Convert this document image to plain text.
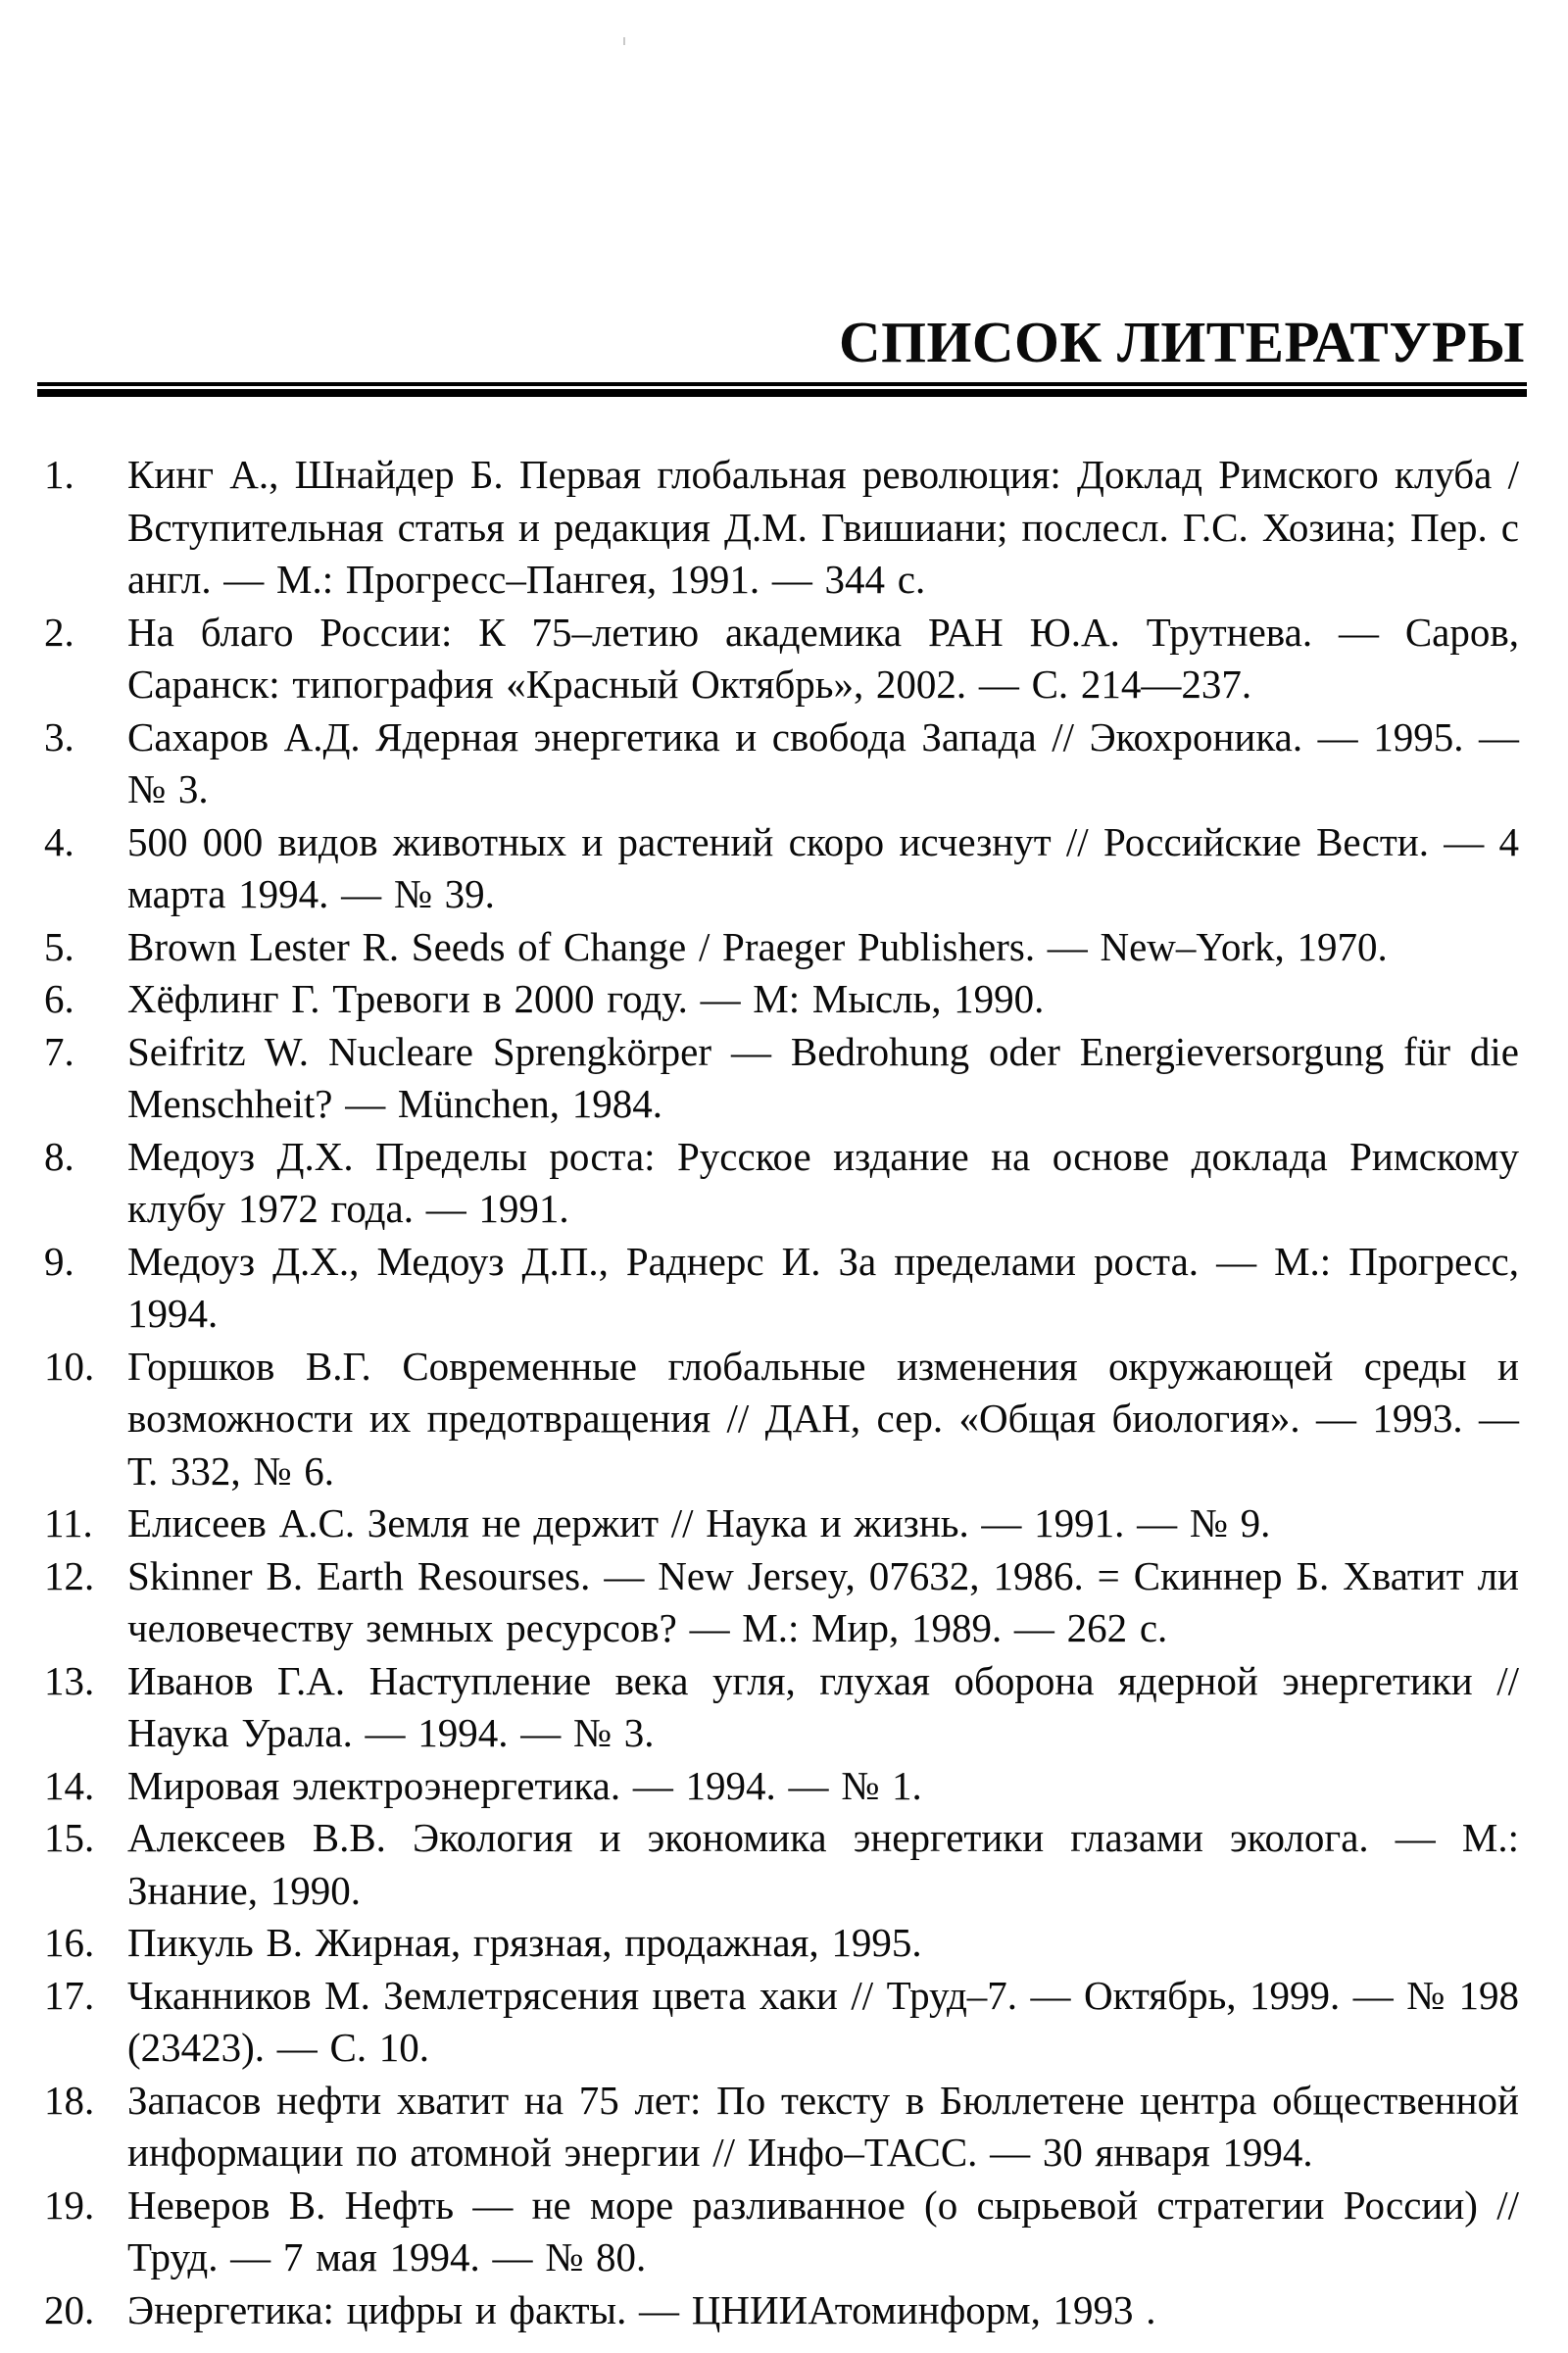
СПИСОК ЛИТЕРАТУРЫ
1.	Кинг А., Шнайдер Б. Первая глобальная революция: Доклад Римского клуба / Вступительная статья и редакция Д.М. Гвишиани; послесл. Г.С. Хозина; Пер. с англ. — М.: Прогресс–Пангея, 1991. — 344 с.
2.	На благо России: К 75–летию академика РАН Ю.А. Трутнева. — Саров, Саранск: типография «Красный Октябрь», 2002. — С. 214—237.
3.	Сахаров А.Д. Ядерная энергетика и свобода Запада // Экохроника. — 1995. — № 3.
4.	500 000 видов животных и растений скоро исчезнут // Российские Вести. — 4 марта 1994. — № 39.
5.	Brown Lester R. Seeds of Change / Praeger Publishers. — New–York, 1970.
6.	Хёфлинг Г. Тревоги в 2000 году. — М: Мысль, 1990.
7.	Seifritz W. Nucleare Sprengkörper — Bedrohung oder Energieversorgung für die Menschheit? — München, 1984.
8.	Медоуз Д.Х. Пределы роста: Русское издание на основе доклада Римскому клубу 1972 года. — 1991.
9.	Медоуз Д.Х., Медоуз Д.П., Раднерс И. За пределами роста. — М.: Прогресс, 1994.
10. Горшков В.Г. Современные глобальные изменения окружающей среды и возможности их предотвращения // ДАН, сер. «Общая биология». — 1993. — Т. 332, № 6.
11. Елисеев А.С. Земля не держит // Наука и жизнь. — 1991. — № 9.
12. Skinner B. Earth Resourses. — New Jersey, 07632, 1986. = Скиннер Б. Хватит ли человечеству земных ресурсов? — М.: Мир, 1989. — 262 с.
13. Иванов Г.А. Наступление века угля, глухая оборона ядерной энергетики // Наука Урала. — 1994. — № 3.
14. Мировая электроэнергетика. — 1994. — № 1.
15. Алексеев В.В. Экология и экономика энергетики глазами эколога. — М.: Знание, 1990.
16. Пикуль В. Жирная, грязная, продажная, 1995.
17. Чканников М. Землетрясения цвета хаки // Труд–7. — Октябрь, 1999. — № 198 (23423). — С. 10.
18. Запасов нефти хватит на 75 лет: По тексту в Бюллетене центра общественной информации по атомной энергии // Инфо–ТАСС. — 30 января 1994.
19. Неверов В. Нефть — не море разливанное (о сырьевой стратегии России) // Труд. — 7 мая 1994. — № 80.
20. Энергетика: цифры и факты. — ЦНИИАтоминформ, 1993 .
